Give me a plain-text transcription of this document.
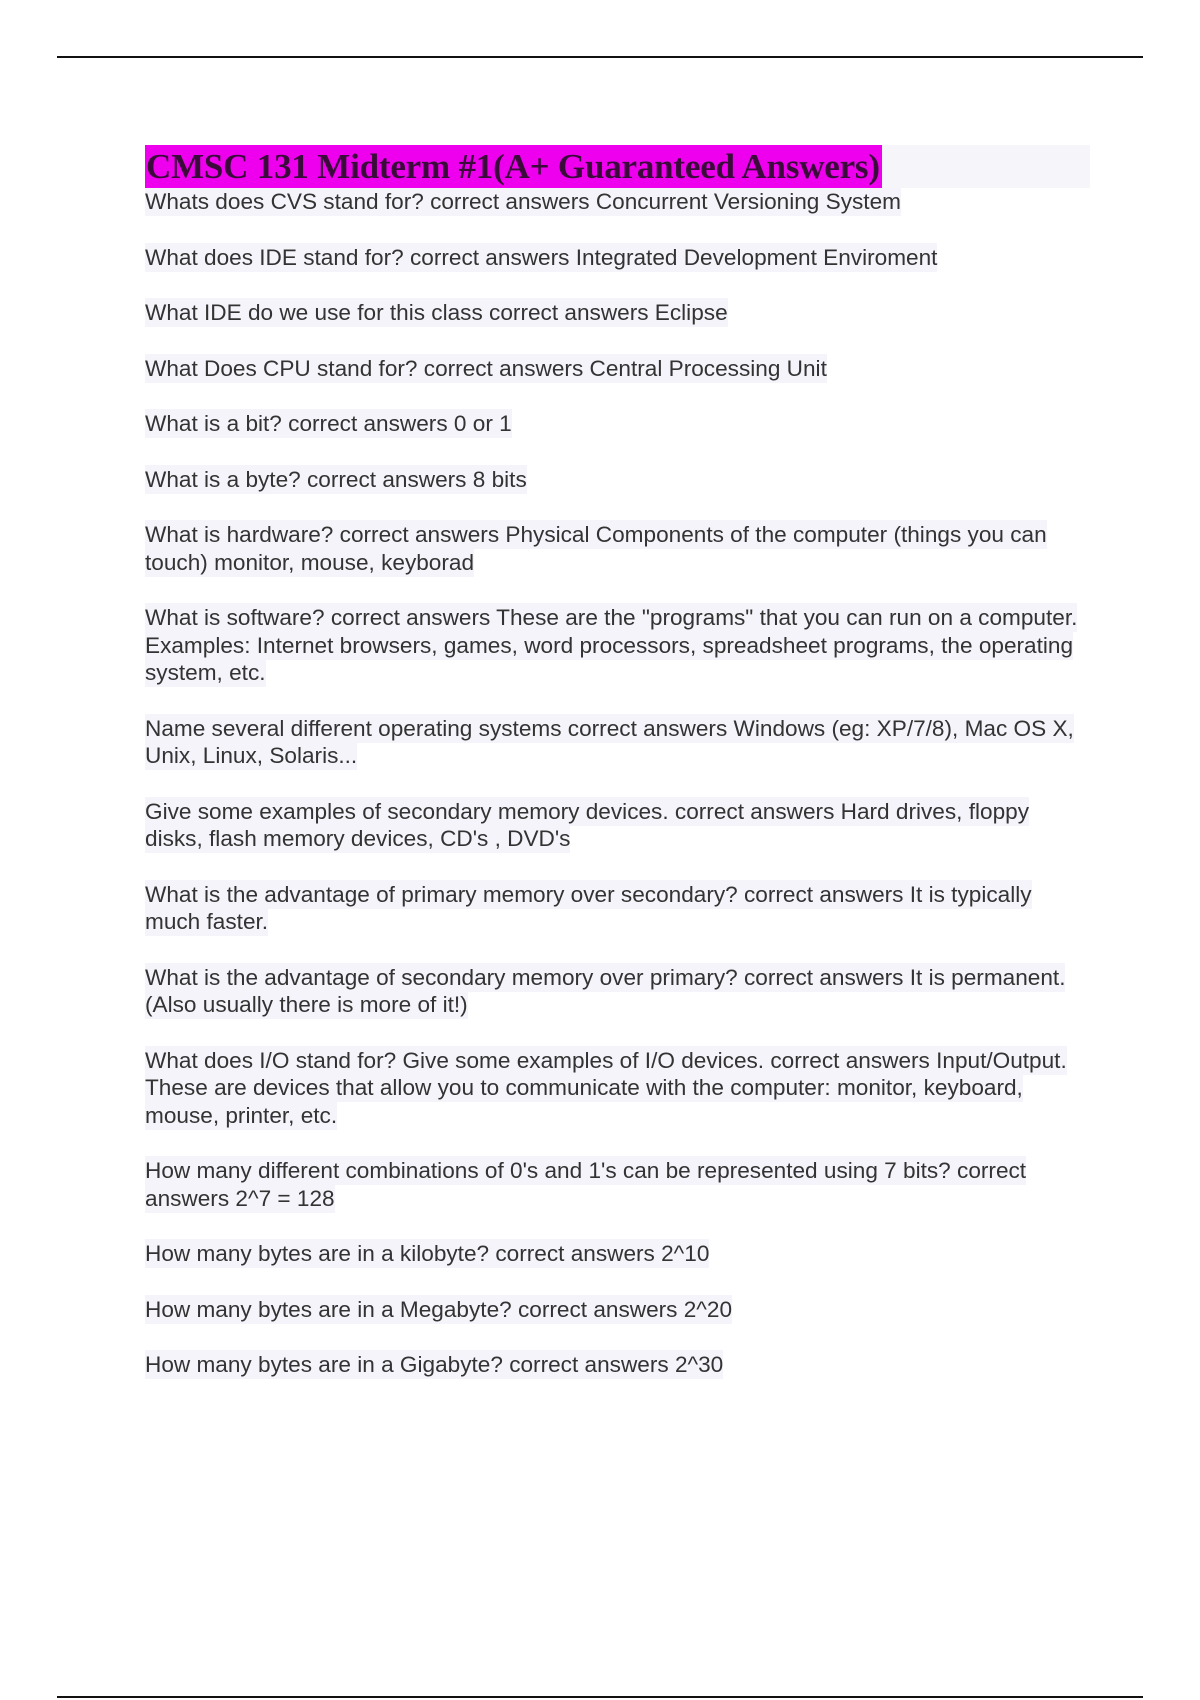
CMSC 131 Midterm #1(A+ Guaranteed Answers)
Whats does CVS stand for? correct answers Concurrent Versioning System
What does IDE stand for? correct answers Integrated Development Enviroment
What IDE do we use for this class correct answers Eclipse
What Does CPU stand for? correct answers Central Processing Unit
What is a bit? correct answers 0 or 1
What is a byte? correct answers 8 bits
What is hardware? correct answers Physical Components of the computer (things you can touch) monitor, mouse, keyborad
What is software? correct answers These are the "programs" that you can run on a computer. Examples: Internet browsers, games, word processors, spreadsheet programs, the operating system, etc.
Name several different operating systems correct answers Windows (eg: XP/7/8), Mac OS X, Unix, Linux, Solaris...
Give some examples of secondary memory devices. correct answers Hard drives, floppy disks, flash memory devices, CD's , DVD's
What is the advantage of primary memory over secondary? correct answers It is typically much faster.
What is the advantage of secondary memory over primary? correct answers It is permanent. (Also usually there is more of it!)
What does I/O stand for? Give some examples of I/O devices. correct answers Input/Output. These are devices that allow you to communicate with the computer: monitor, keyboard, mouse, printer, etc.
How many different combinations of 0's and 1's can be represented using 7 bits? correct answers 2^7 = 128
How many bytes are in a kilobyte? correct answers 2^10
How many bytes are in a Megabyte? correct answers 2^20
How many bytes are in a Gigabyte? correct answers 2^30
